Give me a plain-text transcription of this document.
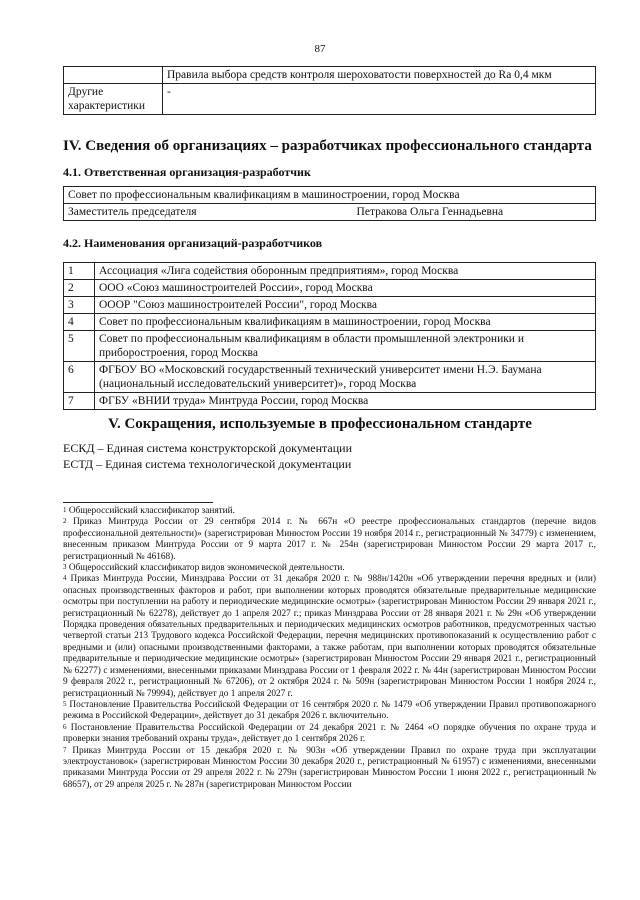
87
	Правила выбора средств контроля шероховатости поверхностей до Ra 0,4 мкм
Другие характеристики	-
IV. Сведения об организациях – разработчиках профессионального стандарта
4.1. Ответственная организация-разработчик
Совет по профессиональным квалификациям в машиностроении, город Москва
Заместитель председателя	Петракова Ольга Геннадьевна
4.2. Наименования организаций-разработчиков
1	Ассоциация «Лига содействия оборонным предприятиям», город Москва
2	ООО «Союз машиностроителей России», город Москва
3	ОООР "Союз машиностроителей России", город Москва
4	Совет по профессиональным квалификациям в машиностроении, город Москва
5	Совет по профессиональным квалификациям в области промышленной электроники и приборостроения, город Москва
6	ФГБОУ ВО «Московский государственный технический университет имени Н.Э. Баумана (национальный исследовательский университет)», город Москва
7	ФГБУ «ВНИИ труда» Минтруда России, город Москва
V. Сокращения, используемые в профессиональном стандарте
ЕСКД – Единая система конструкторской документации
ЕСТД – Единая система технологической документации

$^1$ Общероссийский классификатор занятий.

$^2$ Приказ Минтруда России от 29 сентября 2014 г. № 667н «О реестре профессиональных стандартов (перечне видов профессиональной деятельности)» (зарегистрирован Минюстом России 19 ноября 2014 г., регистрационный № 34779) с изменением, внесенным приказом Минтруда России от 9 марта 2017 г. № 254н (зарегистрирован Минюстом России 29 марта 2017 г., регистрационный № 46168).

$^3$ Общероссийский классификатор видов экономической деятельности.

$^4$ Приказ Минтруда России, Минздрава России от 31 декабря 2020 г. № 988н/1420н «Об утверждении перечня вредных и (или) опасных производственных факторов и работ, при выполнении которых проводятся обязательные предварительные медицинские осмотры при поступлении на работу и периодические медицинские осмотры» (зарегистрирован Минюстом России 29 января 2021 г., регистрационный № 62278), действует до 1 апреля 2027 г.; приказ Минздрава России от 28 января 2021 г. № 29н «Об утверждении Порядка проведения обязательных предварительных и периодических медицинских осмотров работников, предусмотренных частью четвертой статьи 213 Трудового кодекса Российской Федерации, перечня медицинских противопоказаний к осуществлению работ с вредными и (или) опасными производственными факторами, а также работам, при выполнении которых проводятся обязательные предварительные и периодические медицинские осмотры» (зарегистрирован Минюстом России 29 января 2021 г., регистрационный № 62277) с изменениями, внесенными приказами Минздрава России от 1 февраля 2022 г. № 44н (зарегистрирован Минюстом России 9 февраля 2022 г., регистрационный № 67206), от 2 октября 2024 г. № 509н (зарегистрирован Минюстом России 1 ноября 2024 г., регистрационный № 79994), действует до 1 апреля 2027 г.

$^5$ Постановление Правительства Российской Федерации от 16 сентября 2020 г. № 1479 «Об утверждении Правил противопожарного режима в Российской Федерации», действует до 31 декабря 2026 г. включительно.

$^6$ Постановление Правительства Российской Федерации от 24 декабря 2021 г. № 2464 «О порядке обучения по охране труда и проверки знания требований охраны труда», действует до 1 сентября 2026 г.

$^7$ Приказ Минтруда России от 15 декабря 2020 г. № 903н «Об утверждении Правил по охране труда при эксплуатации электроустановок» (зарегистрирован Минюстом России 30 декабря 2020 г., регистрационный № 61957) с изменениями, внесенными приказами Минтруда России от 29 апреля 2022 г. № 279н (зарегистрирован Минюстом России 1 июня 2022 г., регистрационный № 68657), от 29 апреля 2025 г. № 287н (зарегистрирован Минюстом России
